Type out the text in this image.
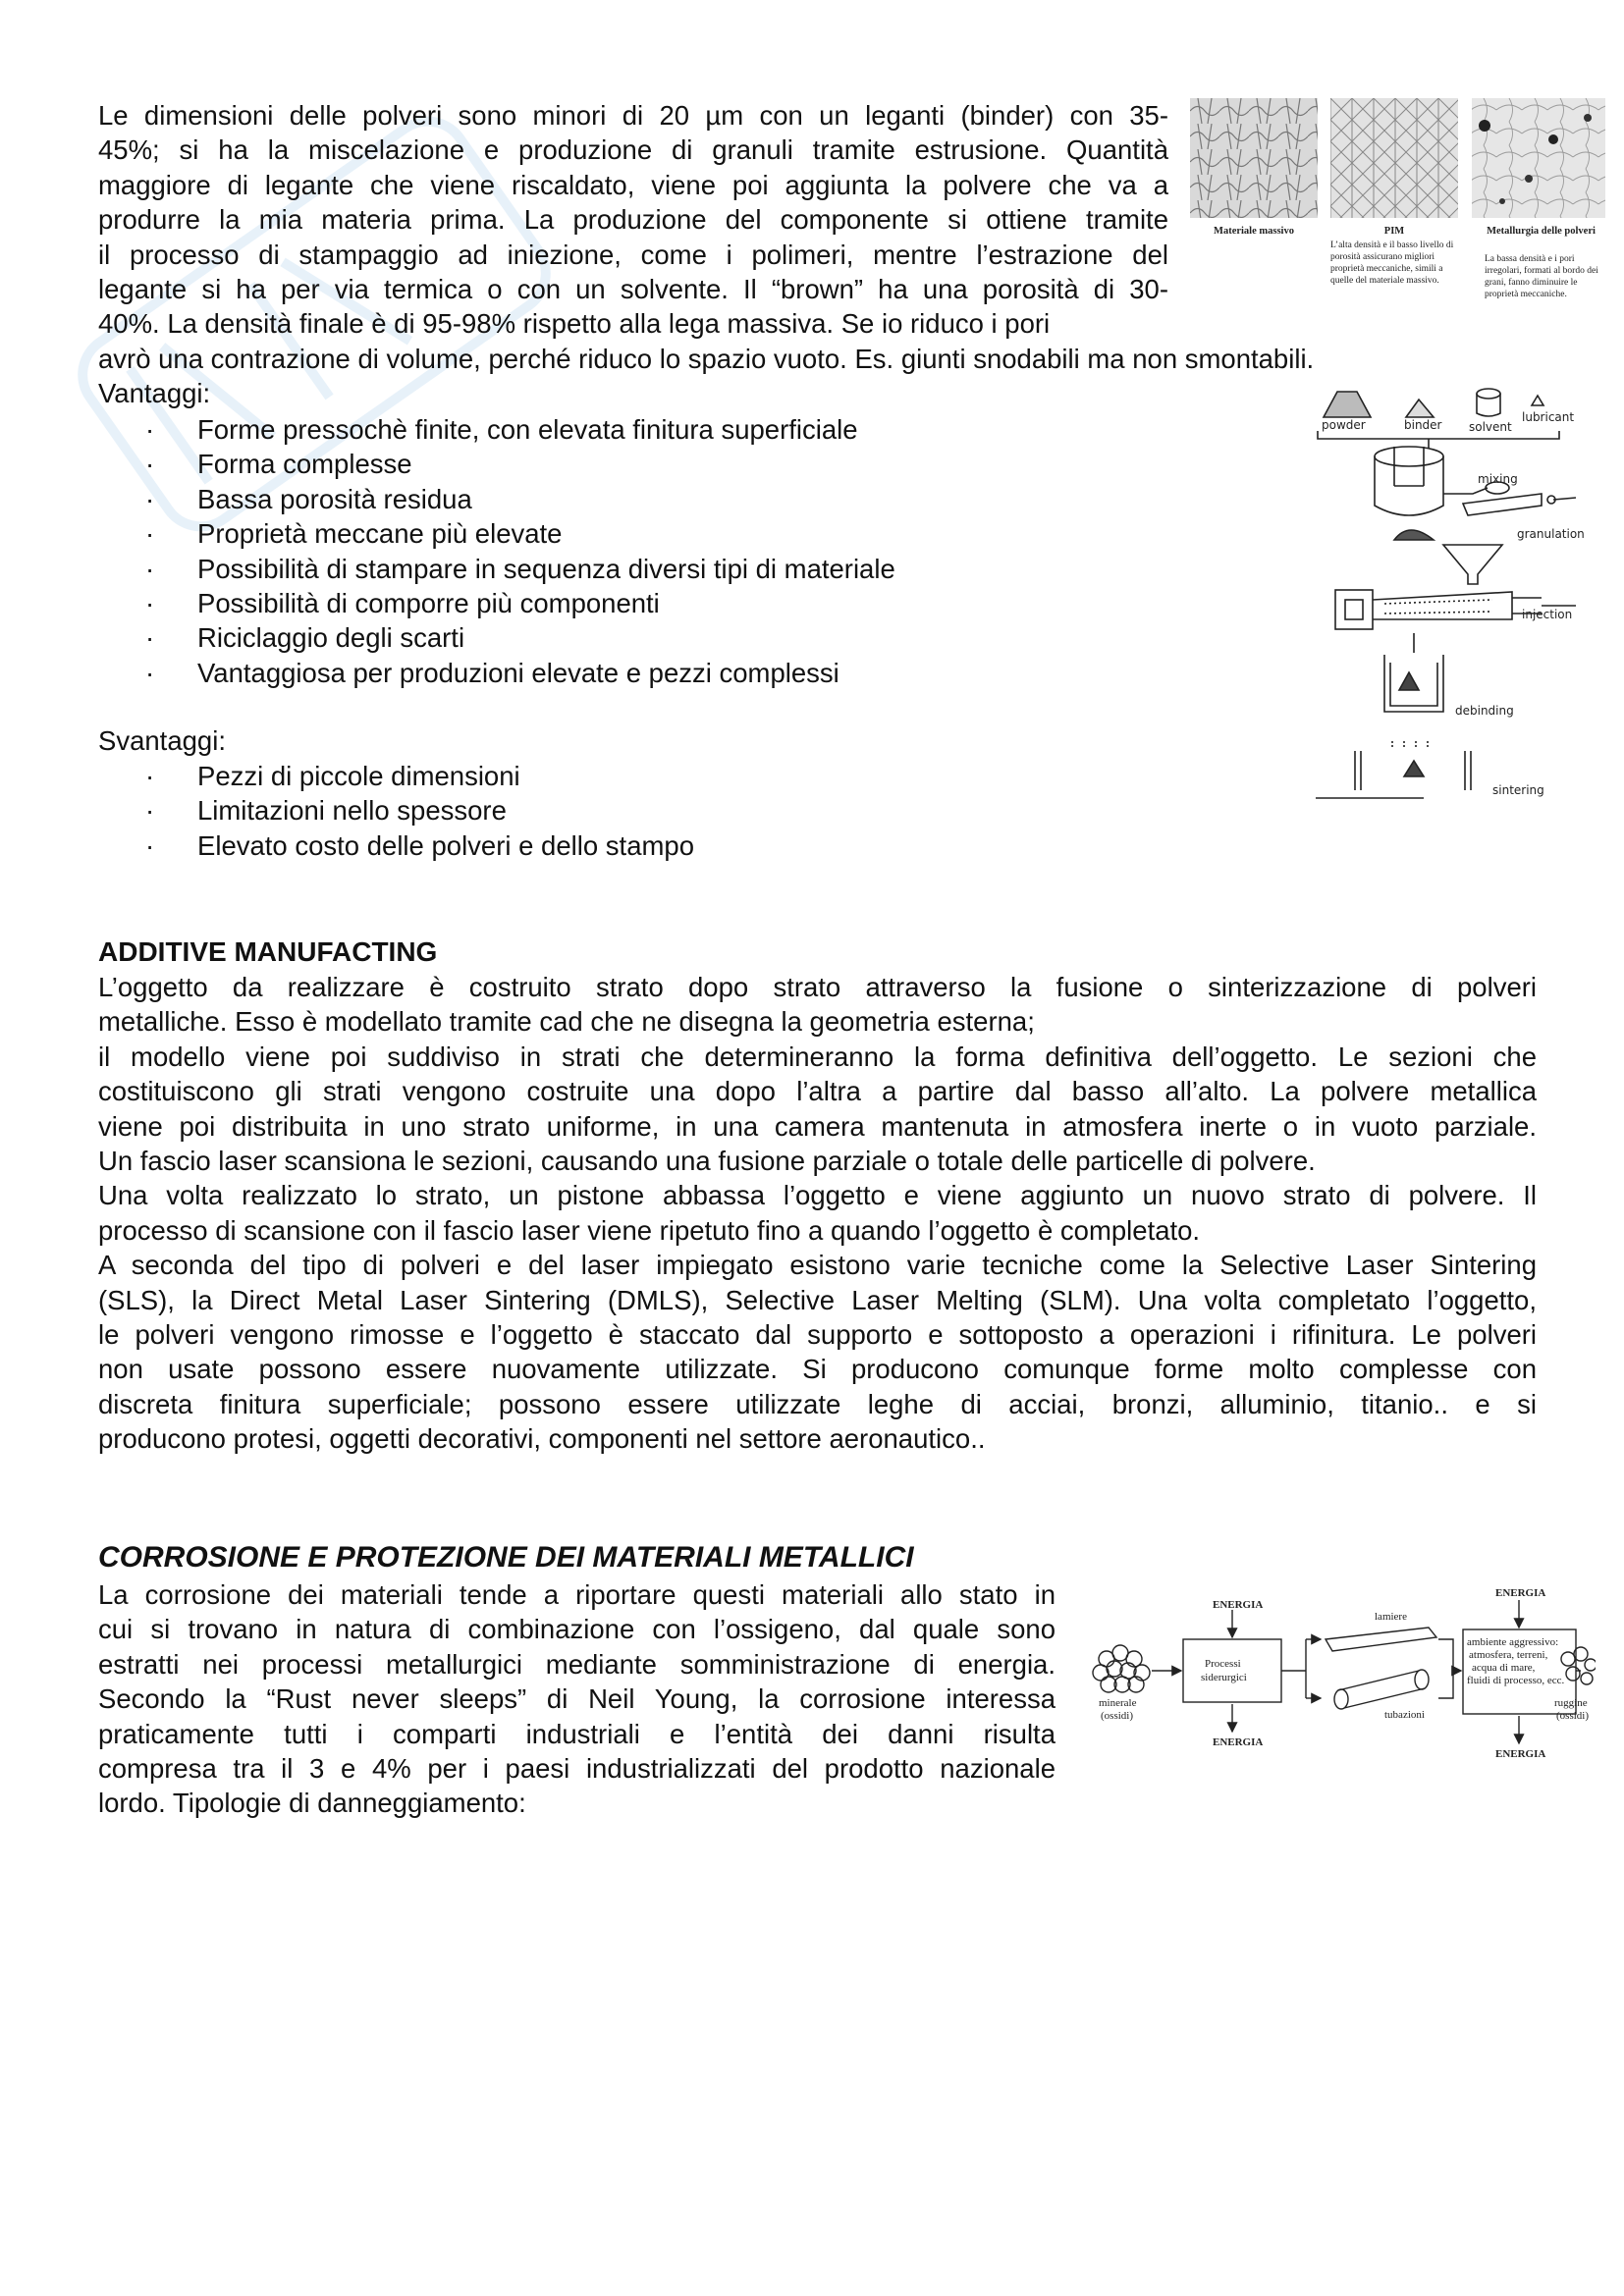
Le dimensioni delle polveri sono minori di 20 µm con un leganti (binder) con 35-
45%; si ha la miscelazione e produzione di granuli tramite estrusione. Quantità
maggiore di legante che viene riscaldato, viene poi aggiunta la polvere che va a
produrre la mia materia prima. La produzione del componente si ottiene tramite
il processo di stampaggio ad iniezione, come i polimeri, mentre l’estrazione del
legante si ha per via termica o con un solvente. Il “brown” ha una porosità di 30-
40%. La densità finale è di 95-98% rispetto alla lega massiva. Se io riduco i pori
avrò una contrazione di volume, perché riduco lo spazio vuoto. Es. giunti snodabili ma non smontabili.
Materiale massivo	PIM
L’alta densità e il basso livello di porosità assicurano migliori proprietà meccaniche, simili a quelle del materiale massivo.
Metallurgia delle polveri
La bassa densità e i pori irregolari, formati al bordo dei grani, fanno diminuire le proprietà meccaniche.
Vantaggi:
· Forme pressochè finite, con elevata finitura superficiale
· Forma complesse
· Bassa porosità residua
· Proprietà meccane più elevate
· Possibilità di stampare in sequenza diversi tipi di materiale
· Possibilità di comporre più componenti
· Riciclaggio degli scarti
· Vantaggiosa per produzioni elevate e pezzi complessi
Svantaggi:
· Pezzi di piccole dimensioni
· Limitazioni nello spessore
· Elevato costo delle polveri e dello stampo
powder	binder solvent
lubricant
mixing
granulation
injection
debinding
sintering
ADDITIVE MANUFACTING
L’oggetto da realizzare è costruito strato dopo strato attraverso la fusione o sinterizzazione di polveri
metalliche. Esso è modellato tramite cad che ne disegna la geometria esterna;
il modello viene poi suddiviso in strati che determineranno la forma definitiva dell’oggetto. Le sezioni che
costituiscono gli strati vengono costruite una dopo l’altra a partire dal basso all’alto. La polvere metallica
viene poi distribuita in uno strato uniforme, in una camera mantenuta in atmosfera inerte o in vuoto parziale.
Un fascio laser scansiona le sezioni, causando una fusione parziale o totale delle particelle di polvere.
Una volta realizzato lo strato, un pistone abbassa l’oggetto e viene aggiunto un nuovo strato di polvere. Il
processo di scansione con il fascio laser viene ripetuto fino a quando l’oggetto è completato.
A seconda del tipo di polveri e del laser impiegato esistono varie tecniche come la Selective Laser Sintering
(SLS), la Direct Metal Laser Sintering (DMLS), Selective Laser Melting (SLM). Una volta completato l’oggetto,
le polveri vengono rimosse e l’oggetto è staccato dal supporto e sottoposto a operazioni i rifinitura. Le polveri
non usate possono essere nuovamente utilizzate. Si producono comunque forme molto complesse con
discreta finitura superficiale; possono essere utilizzate leghe di acciai, bronzi, alluminio, titanio.. e si
producono protesi, oggetti decorativi, componenti nel settore aeronautico..
CORROSIONE E PROTEZIONE DEI MATERIALI METALLICI
La corrosione dei materiali tende a riportare questi materiali allo stato in
cui si trovano in natura di combinazione con l’ossigeno, dal quale sono
estratti nei processi metallurgici mediante somministrazione di energia.
Secondo la “Rust never sleeps” di Neil Young, la corrosione interessa
praticamente tutti i comparti industriali e l’entità dei danni risulta
compresa tra il 3 e 4% per i paesi industrializzati del prodotto nazionale
lordo. Tipologie di danneggiamento:
ENERGIA
ENERGIA
ENERGIA
ENERGIA
minerale
(ossidi)
Processi
siderurgici
lamiere
tubazioni
ambiente aggressivo:
atmosfera, terreni,
acqua di mare,
fluidi di processo, ecc.
ruggine
(ossidi)
